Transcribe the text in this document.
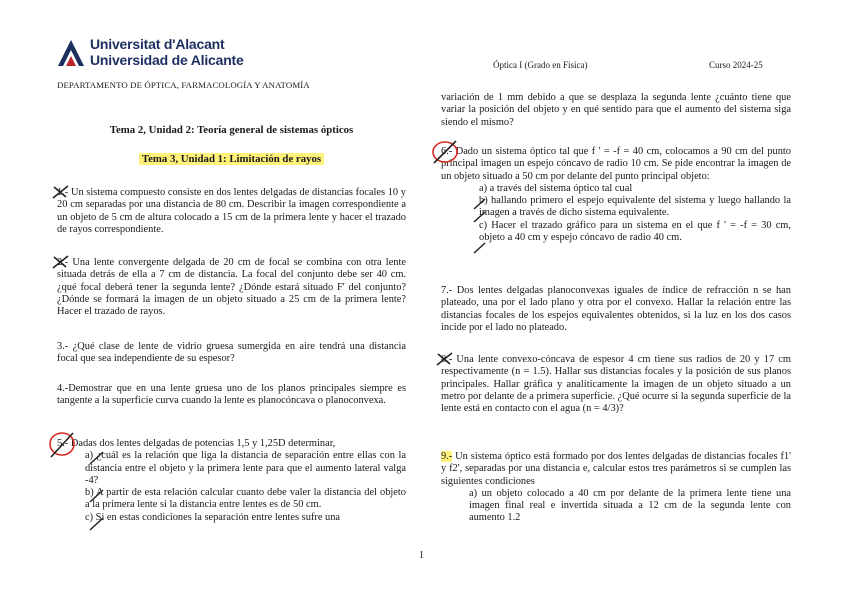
Universitat d'Alacant
Universidad de Alicante	Óptica I (Grado en Física)	Curso 2024-25
DEPARTAMENTO DE ÓPTICA, FARMACOLOGÍA Y ANATOMÍA
Tema 2, Unidad 2: Teoría general de sistemas ópticos
Tema 3, Unidad 1: Limitación de rayos

1.- Un sistema compuesto consiste en dos lentes delgadas de distancias focales 10 y 20 cm separadas por una distancia de 80 cm. Describir la imagen correspondiente a un objeto de 5 cm de altura colocado a 15 cm de la primera lente y hacer el trazado de rayos correspondiente.

2.- Una lente convergente delgada de 20 cm de focal se combina con otra lente situada detrás de ella a 7 cm de distancia. La focal del conjunto debe ser 40 cm. ¿qué focal deberá tener la segunda lente? ¿Dónde estará situado F' del conjunto?¿Dónde se formará la imagen de un objeto situado a 25 cm de la primera lente? Hacer el trazado de rayos.

3.- ¿Qué clase de lente de vidrio gruesa sumergida en aire tendrá una distancia focal que sea independiente de su espesor?

4.-Demostrar que en una lente gruesa uno de los planos principales siempre es tangente a la superficie curva cuando la lente es planocóncava o planoconvexa.

5.- Dadas dos lentes delgadas de potencias 1,5 y 1,25D determinar,

a) ¿cuál es la relación que liga la distancia de separación entre ellas con la distancia entre el objeto y la primera lente para que el aumento lateral valga -4?

b) A partir de esta relación calcular cuanto debe valer la distancia del objeto a la primera lente si la distancia entre lentes es de 50 cm.

c) Si en estas condiciones la separación entre lentes sufre una

variación de 1 mm debido a que se desplaza la segunda lente ¿cuánto tiene que variar la posición del objeto y en qué sentido para que el aumento del sistema siga siendo el mismo?

6.- Dado un sistema óptico tal que f ' = -f = 40 cm, colocamos a 90 cm del punto principal imagen un espejo cóncavo de radio 10 cm. Se pide encontrar la imagen de un objeto situado a 50 cm por delante del punto principal objeto:

a) a través del sistema óptico tal cual

b) hallando primero el espejo equivalente del sistema y luego hallando la imagen a través de dicho sistema equivalente.

c) Hacer el trazado gráfico para un sistema en el que f ' = -f = 30 cm, objeto a 40 cm y espejo cóncavo de radio 40 cm.

7.- Dos lentes delgadas planoconvexas iguales de índice de refracción n se han plateado, una por el lado plano y otra por el convexo. Hallar la relación entre las distancias focales de los espejos equivalentes obtenidos, si la luz en los dos casos incide por el lado no plateado.

8.- Una lente convexo-cóncava de espesor 4 cm tiene sus radios de 20 y 17 cm respectivamente (n = 1.5). Hallar sus distancias focales y la posición de sus planos principales. Hallar gráfica y analíticamente la imagen de un objeto situado a un metro por delante de a primera superficie. ¿Qué ocurre si la segunda superficie de la lente está en contacto con el agua (n = 4/3)?

9.- Un sistema óptico está formado por dos lentes delgadas de distancias focales f1' y f2', separadas por una distancia e, calcular estos tres parámetros si se cumplen las siguientes condiciones

a) un objeto colocado a 40 cm por delante de la primera lente tiene una imagen final real e invertida situada a 12 cm de la segunda lente con aumento 1.2

1
